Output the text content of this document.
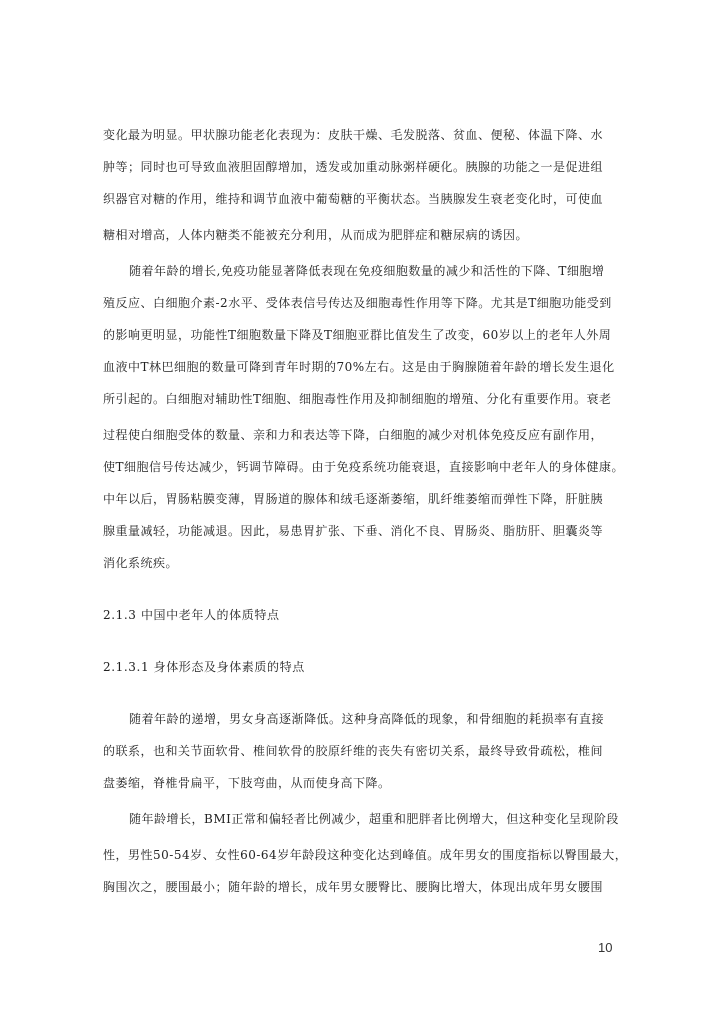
变化最为明显。甲状腺功能老化表现为：皮肤干燥、毛发脱落、贫血、便秘、体温下降、水
肿等；同时也可导致血液胆固醇增加，透发或加重动脉粥样硬化。胰腺的功能之一是促进组
织器官对糖的作用，维持和调节血液中葡萄糖的平衡状态。当胰腺发生衰老变化时，可使血
糖相对增高，人体内糖类不能被充分利用，从而成为肥胖症和糖尿病的诱因。
随着年龄的增长,免疫功能显著降低表现在免疫细胞数量的减少和活性的下降、T细胞增
殖反应、白细胞介素-2水平、受体表信号传达及细胞毒性作用等下降。尤其是T细胞功能受到
的影响更明显，功能性T细胞数量下降及T细胞亚群比值发生了改变，60岁以上的老年人外周
血液中T林巴细胞的数量可降到青年时期的70%左右。这是由于胸腺随着年龄的增长发生退化
所引起的。白细胞对辅助性T细胞、细胞毒性作用及抑制细胞的增殖、分化有重要作用。衰老
过程使白细胞受体的数量、亲和力和表达等下降，白细胞的减少对机体免疫反应有副作用，
使T细胞信号传达减少，钙调节障碍。由于免疫系统功能衰退，直接影响中老年人的身体健康。
中年以后，胃肠粘膜变薄，胃肠道的腺体和绒毛逐渐萎缩，肌纤维萎缩而弹性下降，肝脏胰
腺重量减轻，功能减退。因此，易患胃扩张、下垂、消化不良、胃肠炎、脂肪肝、胆囊炎等
消化系统疾。
2.1.3 中国中老年人的体质特点
2.1.3.1 身体形态及身体素质的特点
随着年龄的递增，男女身高逐渐降低。这种身高降低的现象，和骨细胞的耗损率有直接
的联系，也和关节面软骨、椎间软骨的胶原纤维的丧失有密切关系，最终导致骨疏松，椎间
盘萎缩，脊椎骨扁平，下肢弯曲，从而使身高下降。
随年龄增长，BMI正常和偏轻者比例减少，超重和肥胖者比例增大，但这种变化呈现阶段
性，男性50-54岁、女性60-64岁年龄段这种变化达到峰值。成年男女的围度指标以臀围最大，
胸围次之，腰围最小；随年龄的增长，成年男女腰臀比、腰胸比增大，体现出成年男女腰围
10
